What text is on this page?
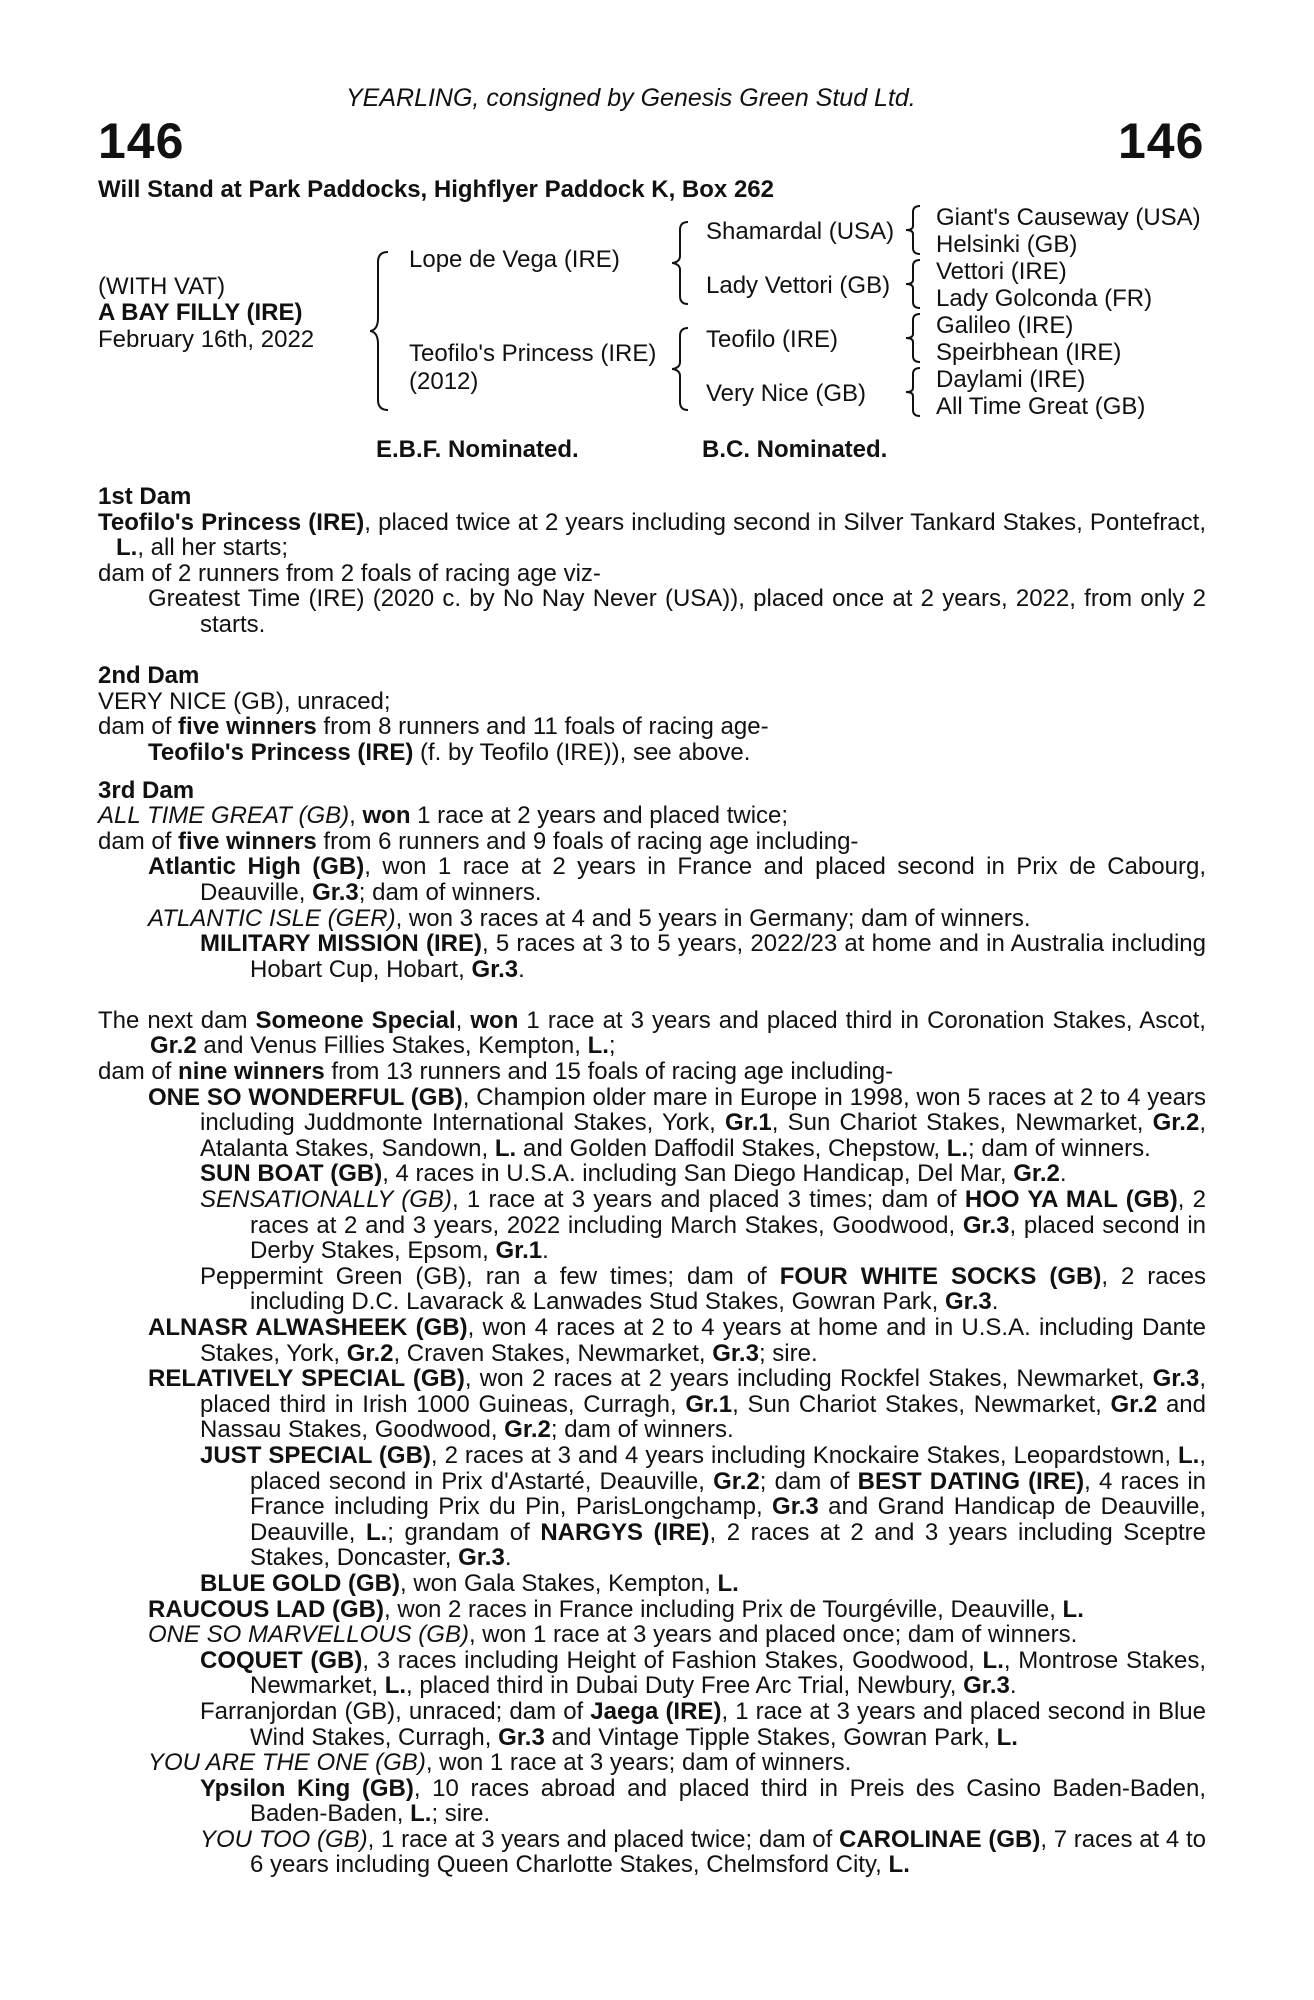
YEARLING, consigned by Genesis Green Stud Ltd.
146	146
Will Stand at Park Paddocks, Highflyer Paddock K, Box 262
(WITH VAT)
A BAY FILLY (IRE)
February 16th, 2022
Lope de Vega (IRE)
Teofilo's Princess (IRE)
(2012)
Shamardal (USA)
Lady Vettori (GB)
Teofilo (IRE)
Very Nice (GB)
Giant's Causeway (USA)
Helsinki (GB)
Vettori (IRE)
Lady Golconda (FR)
Galileo (IRE)
Speirbhean (IRE)
Daylami (IRE)
All Time Great (GB)
E.B.F. Nominated.	B.C. Nominated.

1st Dam

Teofilo's Princess (IRE), placed twice at 2 years including second in Silver Tankard Stakes, Pontefract, L., all her starts;

dam of 2 runners from 2 foals of racing age viz-

Greatest Time (IRE) (2020 c. by No Nay Never (USA)), placed once at 2 years, 2022, from only 2 starts.

2nd Dam

VERY NICE (GB), unraced;

dam of five winners from 8 runners and 11 foals of racing age-

Teofilo's Princess (IRE) (f. by Teofilo (IRE)), see above.

3rd Dam

ALL TIME GREAT (GB), won 1 race at 2 years and placed twice;

dam of five winners from 6 runners and 9 foals of racing age including-

Atlantic High (GB), won 1 race at 2 years in France and placed second in Prix de Cabourg, Deauville, Gr.3; dam of winners.

ATLANTIC ISLE (GER), won 3 races at 4 and 5 years in Germany; dam of winners.

MILITARY MISSION (IRE), 5 races at 3 to 5 years, 2022/23 at home and in Australia including Hobart Cup, Hobart, Gr.3.

The next dam Someone Special, won 1 race at 3 years and placed third in Coronation Stakes, Ascot, Gr.2 and Venus Fillies Stakes, Kempton, L.;

dam of nine winners from 13 runners and 15 foals of racing age including-

ONE SO WONDERFUL (GB), Champion older mare in Europe in 1998, won 5 races at 2 to 4 years including Juddmonte International Stakes, York, Gr.1, Sun Chariot Stakes, Newmarket, Gr.2, Atalanta Stakes, Sandown, L. and Golden Daffodil Stakes, Chepstow, L.; dam of winners.

SUN BOAT (GB), 4 races in U.S.A. including San Diego Handicap, Del Mar, Gr.2.

SENSATIONALLY (GB), 1 race at 3 years and placed 3 times; dam of HOO YA MAL (GB), 2 races at 2 and 3 years, 2022 including March Stakes, Goodwood, Gr.3, placed second in Derby Stakes, Epsom, Gr.1.

Peppermint Green (GB), ran a few times; dam of FOUR WHITE SOCKS (GB), 2 races including D.C. Lavarack & Lanwades Stud Stakes, Gowran Park, Gr.3.

ALNASR ALWASHEEK (GB), won 4 races at 2 to 4 years at home and in U.S.A. including Dante Stakes, York, Gr.2, Craven Stakes, Newmarket, Gr.3; sire.

RELATIVELY SPECIAL (GB), won 2 races at 2 years including Rockfel Stakes, Newmarket, Gr.3, placed third in Irish 1000 Guineas, Curragh, Gr.1, Sun Chariot Stakes, Newmarket, Gr.2 and Nassau Stakes, Goodwood, Gr.2; dam of winners.

JUST SPECIAL (GB), 2 races at 3 and 4 years including Knockaire Stakes, Leopardstown, L., placed second in Prix d'Astarté, Deauville, Gr.2; dam of BEST DATING (IRE), 4 races in France including Prix du Pin, ParisLongchamp, Gr.3 and Grand Handicap de Deauville, Deauville, L.; grandam of NARGYS (IRE), 2 races at 2 and 3 years including Sceptre Stakes, Doncaster, Gr.3.

BLUE GOLD (GB), won Gala Stakes, Kempton, L.

RAUCOUS LAD (GB), won 2 races in France including Prix de Tourgéville, Deauville, L.

ONE SO MARVELLOUS (GB), won 1 race at 3 years and placed once; dam of winners.

COQUET (GB), 3 races including Height of Fashion Stakes, Goodwood, L., Montrose Stakes, Newmarket, L., placed third in Dubai Duty Free Arc Trial, Newbury, Gr.3.

Farranjordan (GB), unraced; dam of Jaega (IRE), 1 race at 3 years and placed second in Blue Wind Stakes, Curragh, Gr.3 and Vintage Tipple Stakes, Gowran Park, L.

YOU ARE THE ONE (GB), won 1 race at 3 years; dam of winners.

Ypsilon King (GB), 10 races abroad and placed third in Preis des Casino Baden-Baden, Baden-Baden, L.; sire.

YOU TOO (GB), 1 race at 3 years and placed twice; dam of CAROLINAE (GB), 7 races at 4 to 6 years including Queen Charlotte Stakes, Chelmsford City, L.
